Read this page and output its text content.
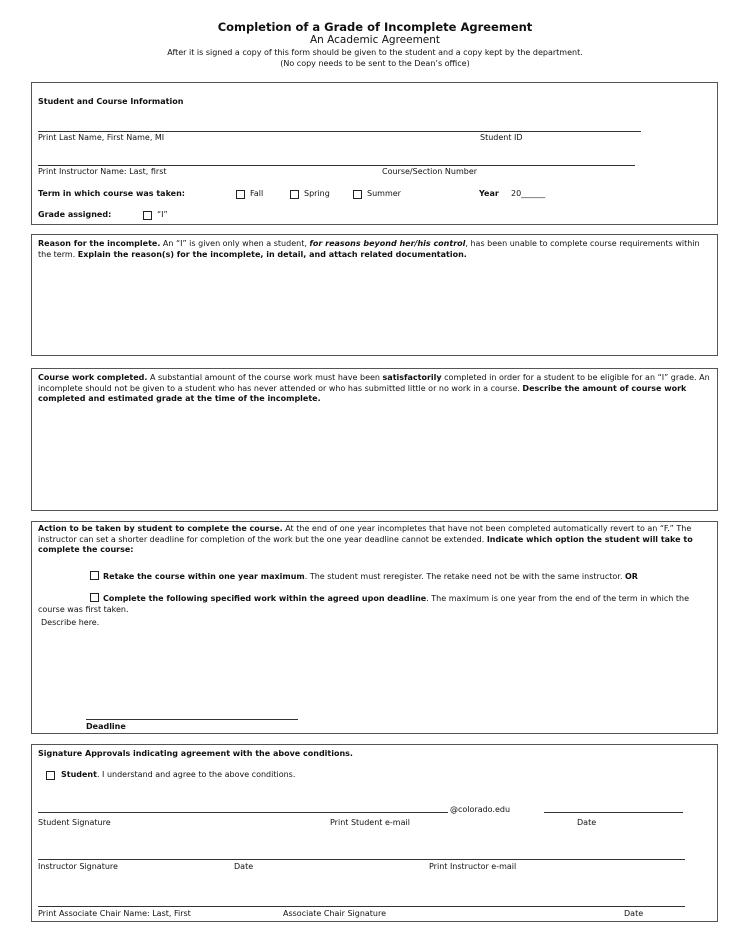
Completion of a Grade of Incomplete Agreement
An Academic Agreement
After it is signed a copy of this form should be given to the student and a copy kept by the department.
(No copy needs to be sent to the Dean’s office)
Student and Course Information
Print Last Name, First Name, MI	Student ID
Print Instructor Name: Last, first	Course/Section Number
Term in which course was taken:	Fall	Spring	Summer	Year 20______
Grade assigned:	“I”
Reason for the incomplete. An “I” is given only when a student, for reasons beyond her/his control, has been unable to complete course requirements within the term. Explain the reason(s) for the incomplete, in detail, and attach related documentation.
Course work completed. A substantial amount of the course work must have been satisfactorily completed in order for a student to be eligible for an “I” grade. An incomplete should not be given to a student who has never attended or who has submitted little or no work in a course. Describe the amount of course work completed and estimated grade at the time of the incomplete.
Action to be taken by student to complete the course. At the end of one year incompletes that have not been completed automatically revert to an “F.” The instructor can set a shorter deadline for completion of the work but the one year deadline cannot be extended. Indicate which option the student will take to complete the course:
Retake the course within one year maximum. The student must reregister. The retake need not be with the same instructor. OR
Complete the following specified work within the agreed upon deadline. The maximum is one year from the end of the term in which the course was first taken.
Describe here.
Deadline
Signature Approvals indicating agreement with the above conditions.
Student. I understand and agree to the above conditions.
@colorado.edu
Student Signature	Print Student e-mail	Date
Instructor Signature	Date	Print Instructor e-mail
Print Associate Chair Name: Last, First	Associate Chair Signature	Date
